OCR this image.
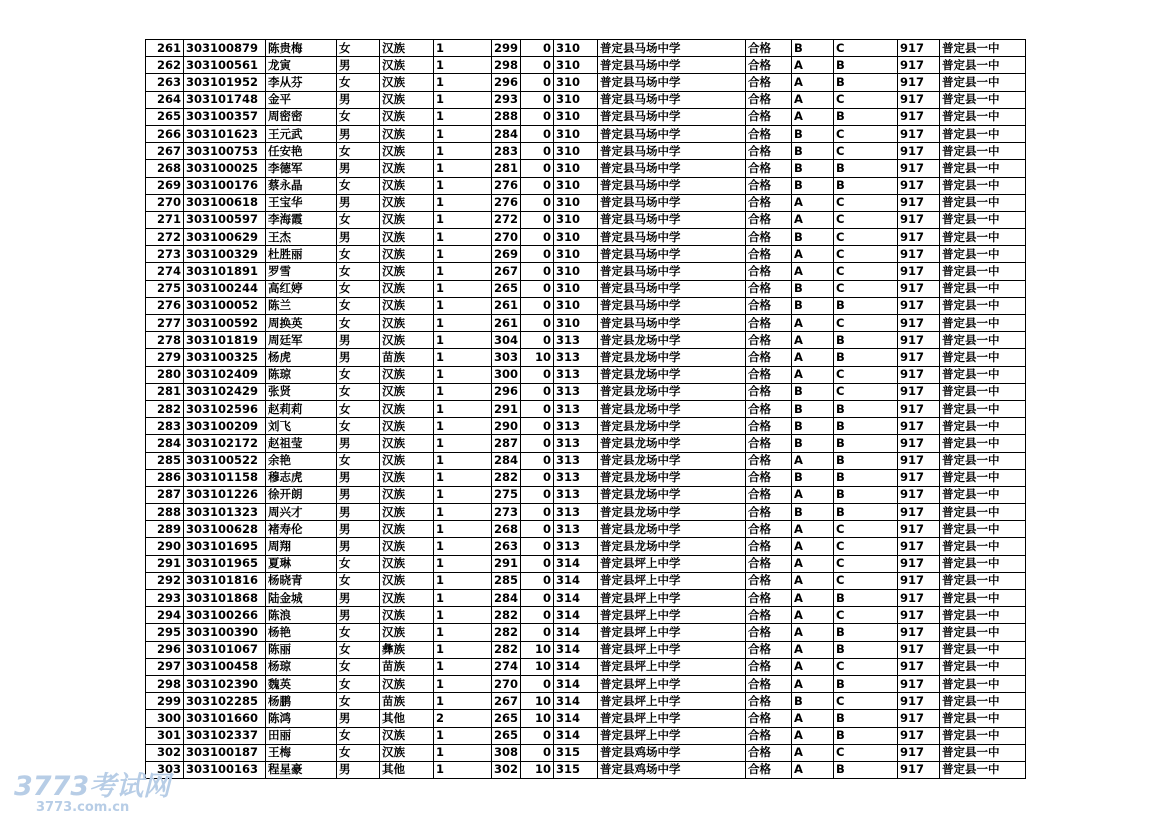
261	303100879	陈贵梅	女	汉族	1	299	0	310	普定县马场中学	合格	B	C	917	普定县一中
262	303100561	龙寅	男	汉族	1	298	0	310	普定县马场中学	合格	A	B	917	普定县一中
263	303101952	李从芬	女	汉族	1	296	0	310	普定县马场中学	合格	A	B	917	普定县一中
264	303101748	金平	男	汉族	1	293	0	310	普定县马场中学	合格	A	C	917	普定县一中
265	303100357	周密密	女	汉族	1	288	0	310	普定县马场中学	合格	A	B	917	普定县一中
266	303101623	王元武	男	汉族	1	284	0	310	普定县马场中学	合格	B	C	917	普定县一中
267	303100753	任安艳	女	汉族	1	283	0	310	普定县马场中学	合格	B	C	917	普定县一中
268	303100025	李德军	男	汉族	1	281	0	310	普定县马场中学	合格	B	B	917	普定县一中
269	303100176	蔡永晶	女	汉族	1	276	0	310	普定县马场中学	合格	B	B	917	普定县一中
270	303100618	王宝华	男	汉族	1	276	0	310	普定县马场中学	合格	A	C	917	普定县一中
271	303100597	李海霞	女	汉族	1	272	0	310	普定县马场中学	合格	A	C	917	普定县一中
272	303100629	王杰	男	汉族	1	270	0	310	普定县马场中学	合格	B	C	917	普定县一中
273	303100329	杜胜丽	女	汉族	1	269	0	310	普定县马场中学	合格	A	C	917	普定县一中
274	303101891	罗雪	女	汉族	1	267	0	310	普定县马场中学	合格	A	C	917	普定县一中
275	303100244	高红婷	女	汉族	1	265	0	310	普定县马场中学	合格	B	C	917	普定县一中
276	303100052	陈兰	女	汉族	1	261	0	310	普定县马场中学	合格	B	B	917	普定县一中
277	303100592	周换英	女	汉族	1	261	0	310	普定县马场中学	合格	A	C	917	普定县一中
278	303101819	周廷军	男	汉族	1	304	0	313	普定县龙场中学	合格	A	B	917	普定县一中
279	303100325	杨虎	男	苗族	1	303	10	313	普定县龙场中学	合格	A	B	917	普定县一中
280	303102409	陈琼	女	汉族	1	300	0	313	普定县龙场中学	合格	A	C	917	普定县一中
281	303102429	张贤	女	汉族	1	296	0	313	普定县龙场中学	合格	B	C	917	普定县一中
282	303102596	赵莉莉	女	汉族	1	291	0	313	普定县龙场中学	合格	B	B	917	普定县一中
283	303100209	刘飞	女	汉族	1	290	0	313	普定县龙场中学	合格	B	B	917	普定县一中
284	303102172	赵祖莹	男	汉族	1	287	0	313	普定县龙场中学	合格	B	B	917	普定县一中
285	303100522	余艳	女	汉族	1	284	0	313	普定县龙场中学	合格	A	B	917	普定县一中
286	303101158	穆志虎	男	汉族	1	282	0	313	普定县龙场中学	合格	B	B	917	普定县一中
287	303101226	徐开朗	男	汉族	1	275	0	313	普定县龙场中学	合格	A	B	917	普定县一中
288	303101323	周兴才	男	汉族	1	273	0	313	普定县龙场中学	合格	B	B	917	普定县一中
289	303100628	褚寿伦	男	汉族	1	268	0	313	普定县龙场中学	合格	A	C	917	普定县一中
290	303101695	周翔	男	汉族	1	263	0	313	普定县龙场中学	合格	A	C	917	普定县一中
291	303101965	夏琳	女	汉族	1	291	0	314	普定县坪上中学	合格	A	C	917	普定县一中
292	303101816	杨晓青	女	汉族	1	285	0	314	普定县坪上中学	合格	A	C	917	普定县一中
293	303101868	陆金城	男	汉族	1	284	0	314	普定县坪上中学	合格	A	B	917	普定县一中
294	303100266	陈浪	男	汉族	1	282	0	314	普定县坪上中学	合格	A	C	917	普定县一中
295	303100390	杨艳	女	汉族	1	282	0	314	普定县坪上中学	合格	A	B	917	普定县一中
296	303101067	陈丽	女	彝族	1	282	10	314	普定县坪上中学	合格	A	B	917	普定县一中
297	303100458	杨琼	女	苗族	1	274	10	314	普定县坪上中学	合格	A	C	917	普定县一中
298	303102390	魏英	女	汉族	1	270	0	314	普定县坪上中学	合格	A	B	917	普定县一中
299	303102285	杨鹏	女	苗族	1	267	10	314	普定县坪上中学	合格	B	C	917	普定县一中
300	303101660	陈鸿	男	其他	2	265	10	314	普定县坪上中学	合格	A	B	917	普定县一中
301	303102337	田丽	女	汉族	1	265	0	314	普定县坪上中学	合格	A	B	917	普定县一中
302	303100187	王梅	女	汉族	1	308	0	315	普定县鸡场中学	合格	A	C	917	普定县一中
303	303100163	程星豪	男	其他	1	302	10	315	普定县鸡场中学	合格	A	B	917	普定县一中
3773考试网
3773.com.cn
